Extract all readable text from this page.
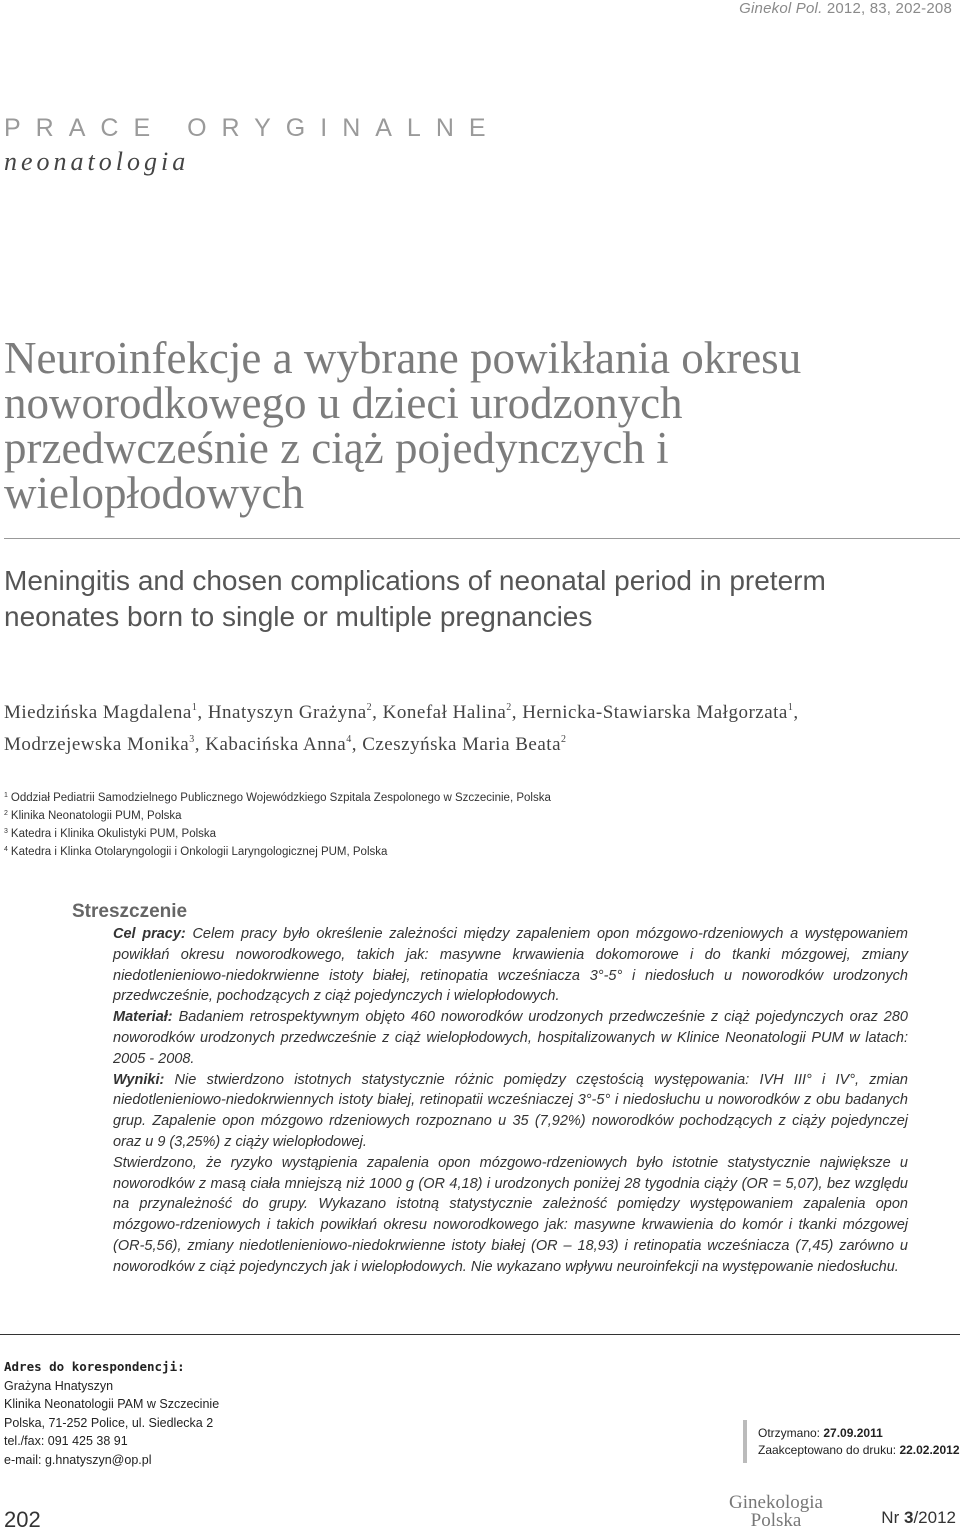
Ginekol Pol. 2012, 83, 202-208
PRACE ORYGINALNE
neonatologia
Neuroinfekcje a wybrane powikłania okresu noworodkowego u dzieci urodzonych przedwcześnie z ciąż pojedynczych i wielopłodowych
Meningitis and chosen complications of neonatal period in preterm neonates born to single or multiple pregnancies
Miedzińska Magdalena$^1$, Hnatyszyn Grażyna$^2$, Konefał Halina$^2$, Hernicka-Stawiarska Małgorzata$^1$,
Modrzejewska Monika$^3$, Kabacińska Anna$^4$, Czeszyńska Maria Beata$^2$
$^1$ Oddział Pediatrii Samodzielnego Publicznego Wojewódzkiego Szpitala Zespolonego w Szczecinie, Polska
$^2$ Klinika Neonatologii PUM, Polska
$^3$ Katedra i Klinika Okulistyki PUM, Polska
$^4$ Katedra i Klinka Otolaryngologii i Onkologii Laryngologicznej PUM, Polska
Streszczenie

Cel pracy: Celem pracy było określenie zależności między zapaleniem opon mózgowo-rdzeniowych a występowaniem powikłań okresu noworodkowego, takich jak: masywne krwawienia dokomorowe i do tkanki mózgowej, zmiany niedotlenieniowo-niedokrwienne istoty białej, retinopatia wcześniacza 3°-5° i niedosłuch u noworodków urodzonych przedwcześnie, pochodzących z ciąż pojedynczych i wielopłodowych.

Materiał: Badaniem retrospektywnym objęto 460 noworodków urodzonych przedwcześnie z ciąż pojedynczych oraz 280 noworodków urodzonych przedwcześnie z ciąż wielopłodowych, hospitalizowanych w Klinice Neonatologii PUM w latach: 2005 - 2008.

Wyniki: Nie stwierdzono istotnych statystycznie różnic pomiędzy częstością występowania: IVH III° i IV°, zmian niedotlenieniowo-niedokrwiennych istoty białej, retinopatii wcześniaczej 3°-5° i niedosłuchu u noworodków z obu badanych grup. Zapalenie opon mózgowo rdzeniowych rozpoznano u 35 (7,92%) noworodków pochodzących z ciąży pojedynczej oraz u 9 (3,25%) z ciąży wielopłodowej.

Stwierdzono, że ryzyko wystąpienia zapalenia opon mózgowo-rdzeniowych było istotnie statystycznie największe u noworodków z masą ciała mniejszą niż 1000 g (OR 4,18) i urodzonych poniżej 28 tygodnia ciąży (OR = 5,07), bez względu na przynależność do grupy. Wykazano istotną statystycznie zależność pomiędzy występowaniem zapalenia opon mózgowo-rdzeniowych i takich powikłań okresu noworodkowego jak: masywne krwawienia do komór i tkanki mózgowej (OR-5,56), zmiany niedotlenieniowo-niedokrwienne istoty białej (OR – 18,93) i retinopatia wcześniacza (7,45) zarówno u noworodków z ciąż pojedynczych jak i wielopłodowych. Nie wykazano wpływu neuroinfekcji na występowanie niedosłuchu.

Adres do korespondencji:
Grażyna Hnatyszyn
Klinika Neonatologii PAM w Szczecinie
Polska, 71-252 Police, ul. Siedlecka 2
tel./fax: 091 425 38 91
e-mail: g.hnatyszyn@op.pl
Otrzymano: 27.09.2011
Zaakceptowano do druku: 22.02.2012
202
Ginekologia
Polska	Nr 3/2012
